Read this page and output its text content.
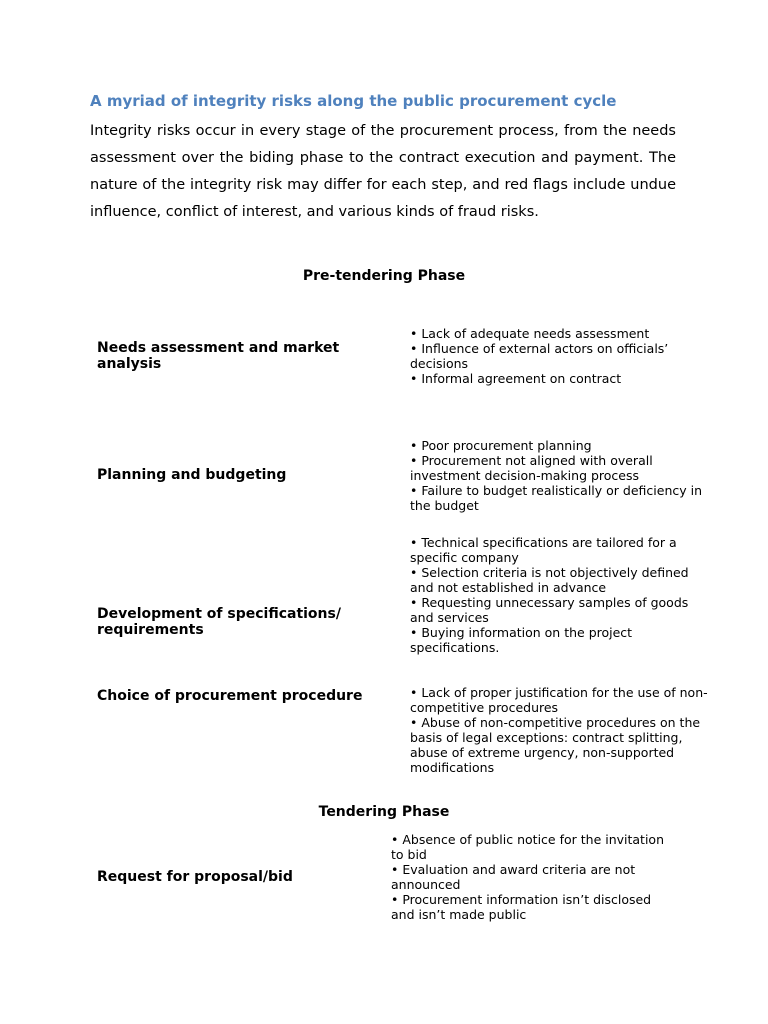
A myriad of integrity risks along the public procurement cycle
Integrity risks occur in every stage of the procurement process, from the needs assessment over the biding phase to the contract execution and payment. The nature of the integrity risk may differ for each step, and red flags include undue influence, conflict of interest, and various kinds of fraud risks.
Pre-tendering Phase
Needs assessment and market analysis
• Lack of adequate needs assessment
• Influence of external actors on officials’ decisions
• Informal agreement on contract
Planning and budgeting
• Poor procurement planning
• Procurement not aligned with overall investment decision-making process
• Failure to budget realistically or deficiency in the budget
Development of specifications/ requirements
• Technical specifications are tailored for a specific company
• Selection criteria is not objectively defined and not established in advance
• Requesting unnecessary samples of goods and services
• Buying information on the project specifications.
Choice of procurement procedure	• Lack of proper justification for the use of non-competitive procedures
• Abuse of non-competitive procedures on the basis of legal exceptions: contract splitting, abuse of extreme urgency, non-supported modifications
Tendering Phase
Request for proposal/bid
• Absence of public notice for the invitation to bid
• Evaluation and award criteria are not announced
• Procurement information isn’t disclosed and isn’t made public
